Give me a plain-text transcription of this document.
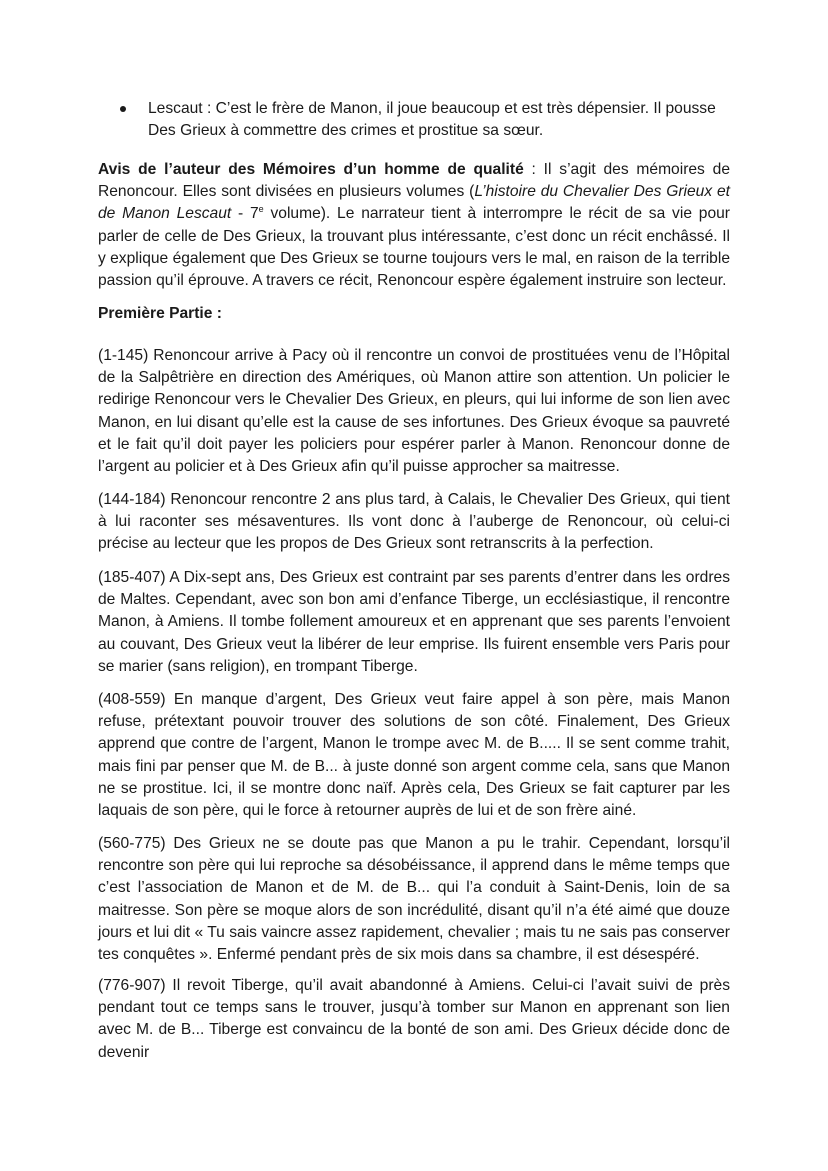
Lescaut : C’est le frère de Manon, il joue beaucoup et est très dépensier. Il pousse Des Grieux à commettre des crimes et prostitue sa sœur.
Avis de l’auteur des Mémoires d’un homme de qualité : Il s’agit des mémoires de Renoncour. Elles sont divisées en plusieurs volumes (L’histoire du Chevalier Des Grieux et de Manon Lescaut - 7e volume). Le narrateur tient à interrompre le récit de sa vie pour parler de celle de Des Grieux, la trouvant plus intéressante, c’est donc un récit enchâssé. Il y explique également que Des Grieux se tourne toujours vers le mal, en raison de la terrible passion qu’il éprouve. A travers ce récit, Renoncour espère également instruire son lecteur.
Première Partie :
(1-145) Renoncour arrive à Pacy où il rencontre un convoi de prostituées venu de l’Hôpital de la Salpêtrière en direction des Amériques, où Manon attire son attention. Un policier le redirige Renoncour vers le Chevalier Des Grieux, en pleurs, qui lui informe de son lien avec Manon, en lui disant qu’elle est la cause de ses infortunes. Des Grieux évoque sa pauvreté et le fait qu’il doit payer les policiers pour espérer parler à Manon. Renoncour donne de l’argent au policier et à Des Grieux afin qu’il puisse approcher sa maitresse.
(144-184) Renoncour rencontre 2 ans plus tard, à Calais, le Chevalier Des Grieux, qui tient à lui raconter ses mésaventures. Ils vont donc à l’auberge de Renoncour, où celui-ci précise au lecteur que les propos de Des Grieux sont retranscrits à la perfection.
(185-407) A Dix-sept ans, Des Grieux est contraint par ses parents d’entrer dans les ordres de Maltes. Cependant, avec son bon ami d’enfance Tiberge, un ecclésiastique, il rencontre Manon, à Amiens. Il tombe follement amoureux et en apprenant que ses parents l’envoient au couvant, Des Grieux veut la libérer de leur emprise. Ils fuirent ensemble vers Paris pour se marier (sans religion), en trompant Tiberge.
(408-559) En manque d’argent, Des Grieux veut faire appel à son père, mais Manon refuse, prétextant pouvoir trouver des solutions de son côté. Finalement, Des Grieux apprend que contre de l’argent, Manon le trompe avec M. de B..... Il se sent comme trahit, mais fini par penser que M. de B... à juste donné son argent comme cela, sans que Manon ne se prostitue. Ici, il se montre donc naïf. Après cela, Des Grieux se fait capturer par les laquais de son père, qui le force à retourner auprès de lui et de son frère ainé.
(560-775) Des Grieux ne se doute pas que Manon a pu le trahir. Cependant, lorsqu’il rencontre son père qui lui reproche sa désobéissance, il apprend dans le même temps que c’est l’association de Manon et de M. de B... qui l’a conduit à Saint-Denis, loin de sa maitresse. Son père se moque alors de son incrédulité, disant qu’il n’a été aimé que douze jours et lui dit « Tu sais vaincre assez rapidement, chevalier ; mais tu ne sais pas conserver tes conquêtes ». Enfermé pendant près de six mois dans sa chambre, il est désespéré.
(776-907) Il revoit Tiberge, qu’il avait abandonné à Amiens. Celui-ci l’avait suivi de près pendant tout ce temps sans le trouver, jusqu’à tomber sur Manon en apprenant son lien avec M. de B... Tiberge est convaincu de la bonté de son ami. Des Grieux décide donc de devenir
